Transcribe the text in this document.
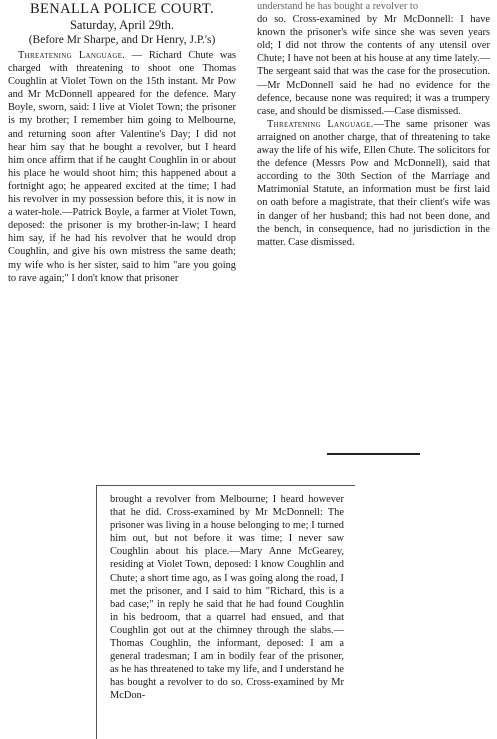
BENALLA POLICE COURT.
Saturday, April 29th.
(Before Mr Sharpe, and Dr Henry, J.P.'s)

Threatening Language. — Richard Chute was charged with threatening to shoot one Thomas Coughlin at Violet Town on the 15th instant. Mr Pow and Mr McDonnell appeared for the defence. Mary Boyle, sworn, said: I live at Violet Town; the prisoner is my brother; I remember him going to Melbourne, and returning soon after Valentine's Day; I did not hear him say that he bought a revolver, but I heard him once affirm that if he caught Coughlin in or about his place he would shoot him; this happened about a fortnight ago; he appeared excited at the time; I had his revolver in my possession before this, it is now in a water-hole.—Patrick Boyle, a farmer at Violet Town, deposed: the prisoner is my brother-in-law; I heard him say, if he had his revolver that he would drop Coughlin, and give his own mistress the same death; my wife who is her sister, said to him "are you going to rave again;" I don't know that prisoner

understand he has bought a revolver to

do so. Cross-examined by Mr McDonnell: I have known the prisoner's wife since she was seven years old; I did not throw the contents of any utensil over Chute; I have not been at his house at any time lately.—The sergeant said that was the case for the prosecution.—Mr McDonnell said he had no evidence for the defence, because none was required; it was a trumpery case, and should be dismissed.—Case dismissed.

Threatening Language.—The same prisoner was arraigned on another charge, that of threatening to take away the life of his wife, Ellen Chute. The solicitors for the defence (Messrs Pow and McDonnell), said that according to the 30th Section of the Marriage and Matrimonial Statute, an information must be first laid on oath before a magistrate, that their client's wife was in danger of her husband; this had not been done, and the bench, in consequence, had no jurisdiction in the matter. Case dismissed.

brought a revolver from Melbourne; I heard however that he did. Cross-examined by Mr McDonnell: The prisoner was living in a house belonging to me; I turned him out, but not before it was time; I never saw Coughlin about his place.—Mary Anne McGearey, residing at Violet Town, deposed: I know Coughlin and Chute; a short time ago, as I was going along the road, I met the prisoner, and I said to him "Richard, this is a bad case;" in reply he said that he had found Coughlin in his bedroom, that a quarrel had ensued, and that Coughlin got out at the chimney through the slabs.—Thomas Coughlin, the informant, deposed: I am a general tradesman; I am in bodily fear of the prisoner, as he has threatened to take my life, and I understand he has bought a revolver to do so. Cross-examined by Mr McDon-
